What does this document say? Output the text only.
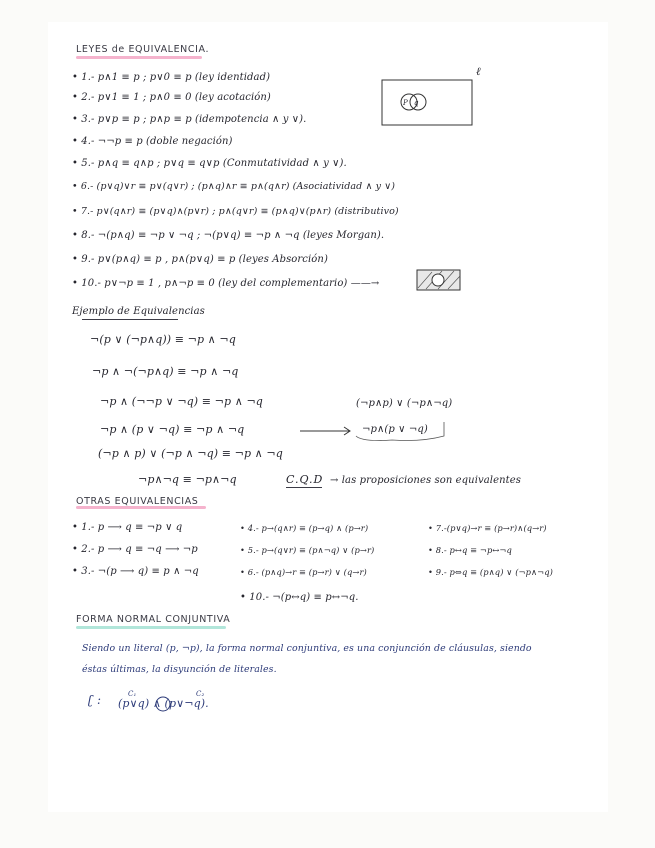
LEYES de EQUIVALENCIA.
• 1.- p∧1 ≡ p ; p∨0 ≡ p (ley identidad)
• 2.- p∨1 ≡ 1 ; p∧0 ≡ 0 (ley acotación)
• 3.- p∨p ≡ p ; p∧p ≡ p (idempotencia ∧ y ∨).
• 4.- ¬¬p ≡ p (doble negación)
• 5.- p∧q ≡ q∧p ; p∨q ≡ q∨p (Conmutatividad ∧ y ∨).
• 6.- (p∨q)∨r ≡ p∨(q∨r) ; (p∧q)∧r ≡ p∧(q∧r) (Asociatividad ∧ y ∨)
• 7.- p∨(q∧r) ≡ (p∨q)∧(p∨r) ; p∧(q∨r) ≡ (p∧q)∨(p∧r) (distributivo)
• 8.- ¬(p∧q) ≡ ¬p ∨ ¬q ; ¬(p∨q) ≡ ¬p ∧ ¬q (leyes Morgan).
• 9.- p∨(p∧q) ≡ p , p∧(p∨q) ≡ p (leyes Absorción)
• 10.- p∨¬p ≡ 1 , p∧¬p ≡ 0 (ley del complementario) ——→
ℓ
P q
Ejemplo de Equivalencias
¬(p ∨ (¬p∧q)) ≡ ¬p ∧ ¬q
¬p ∧ ¬(¬p∧q) ≡ ¬p ∧ ¬q
¬p ∧ (¬¬p ∨ ¬q) ≡ ¬p ∧ ¬q
¬p ∧ (p ∨ ¬q) ≡ ¬p ∧ ¬q
(¬p ∧ p) ∨ (¬p ∧ ¬q) ≡ ¬p ∧ ¬q
¬p∧¬q ≡ ¬p∧¬q
(¬p∧p) ∨ (¬p∧¬q)
¬p∧(p ∨ ¬q)
C.Q.D → las proposiciones son equivalentes
OTRAS EQUIVALENCIAS
• 1.- p ⟶ q ≡ ¬p ∨ q
• 2.- p ⟶ q ≡ ¬q ⟶ ¬p
• 3.- ¬(p ⟶ q) ≡ p ∧ ¬q
• 4.- p→(q∧r) ≡ (p→q) ∧ (p→r)
• 5.- p→(q∨r) ≡ (p∧¬q) ∨ (p→r)
• 6.- (p∧q)→r ≡ (p→r) ∨ (q→r)
• 7.-(p∨q)→r ≡ (p→r)∧(q→r)
• 8.- p↔q ≡ ¬p↔¬q
• 9.- p⇔q ≡ (p∧q) ∨ (¬p∧¬q)
• 10.- ¬(p↔q) ≡ p↔¬q.
FORMA NORMAL CONJUNTIVA
Siendo un literal (p, ¬p), la forma normal conjuntiva, es una conjunción de cláusulas, siendo
éstas últimas, la disyunción de literales.
ʗ :	C₁	C₂
(p∨q) ∧ (p∨¬q).
